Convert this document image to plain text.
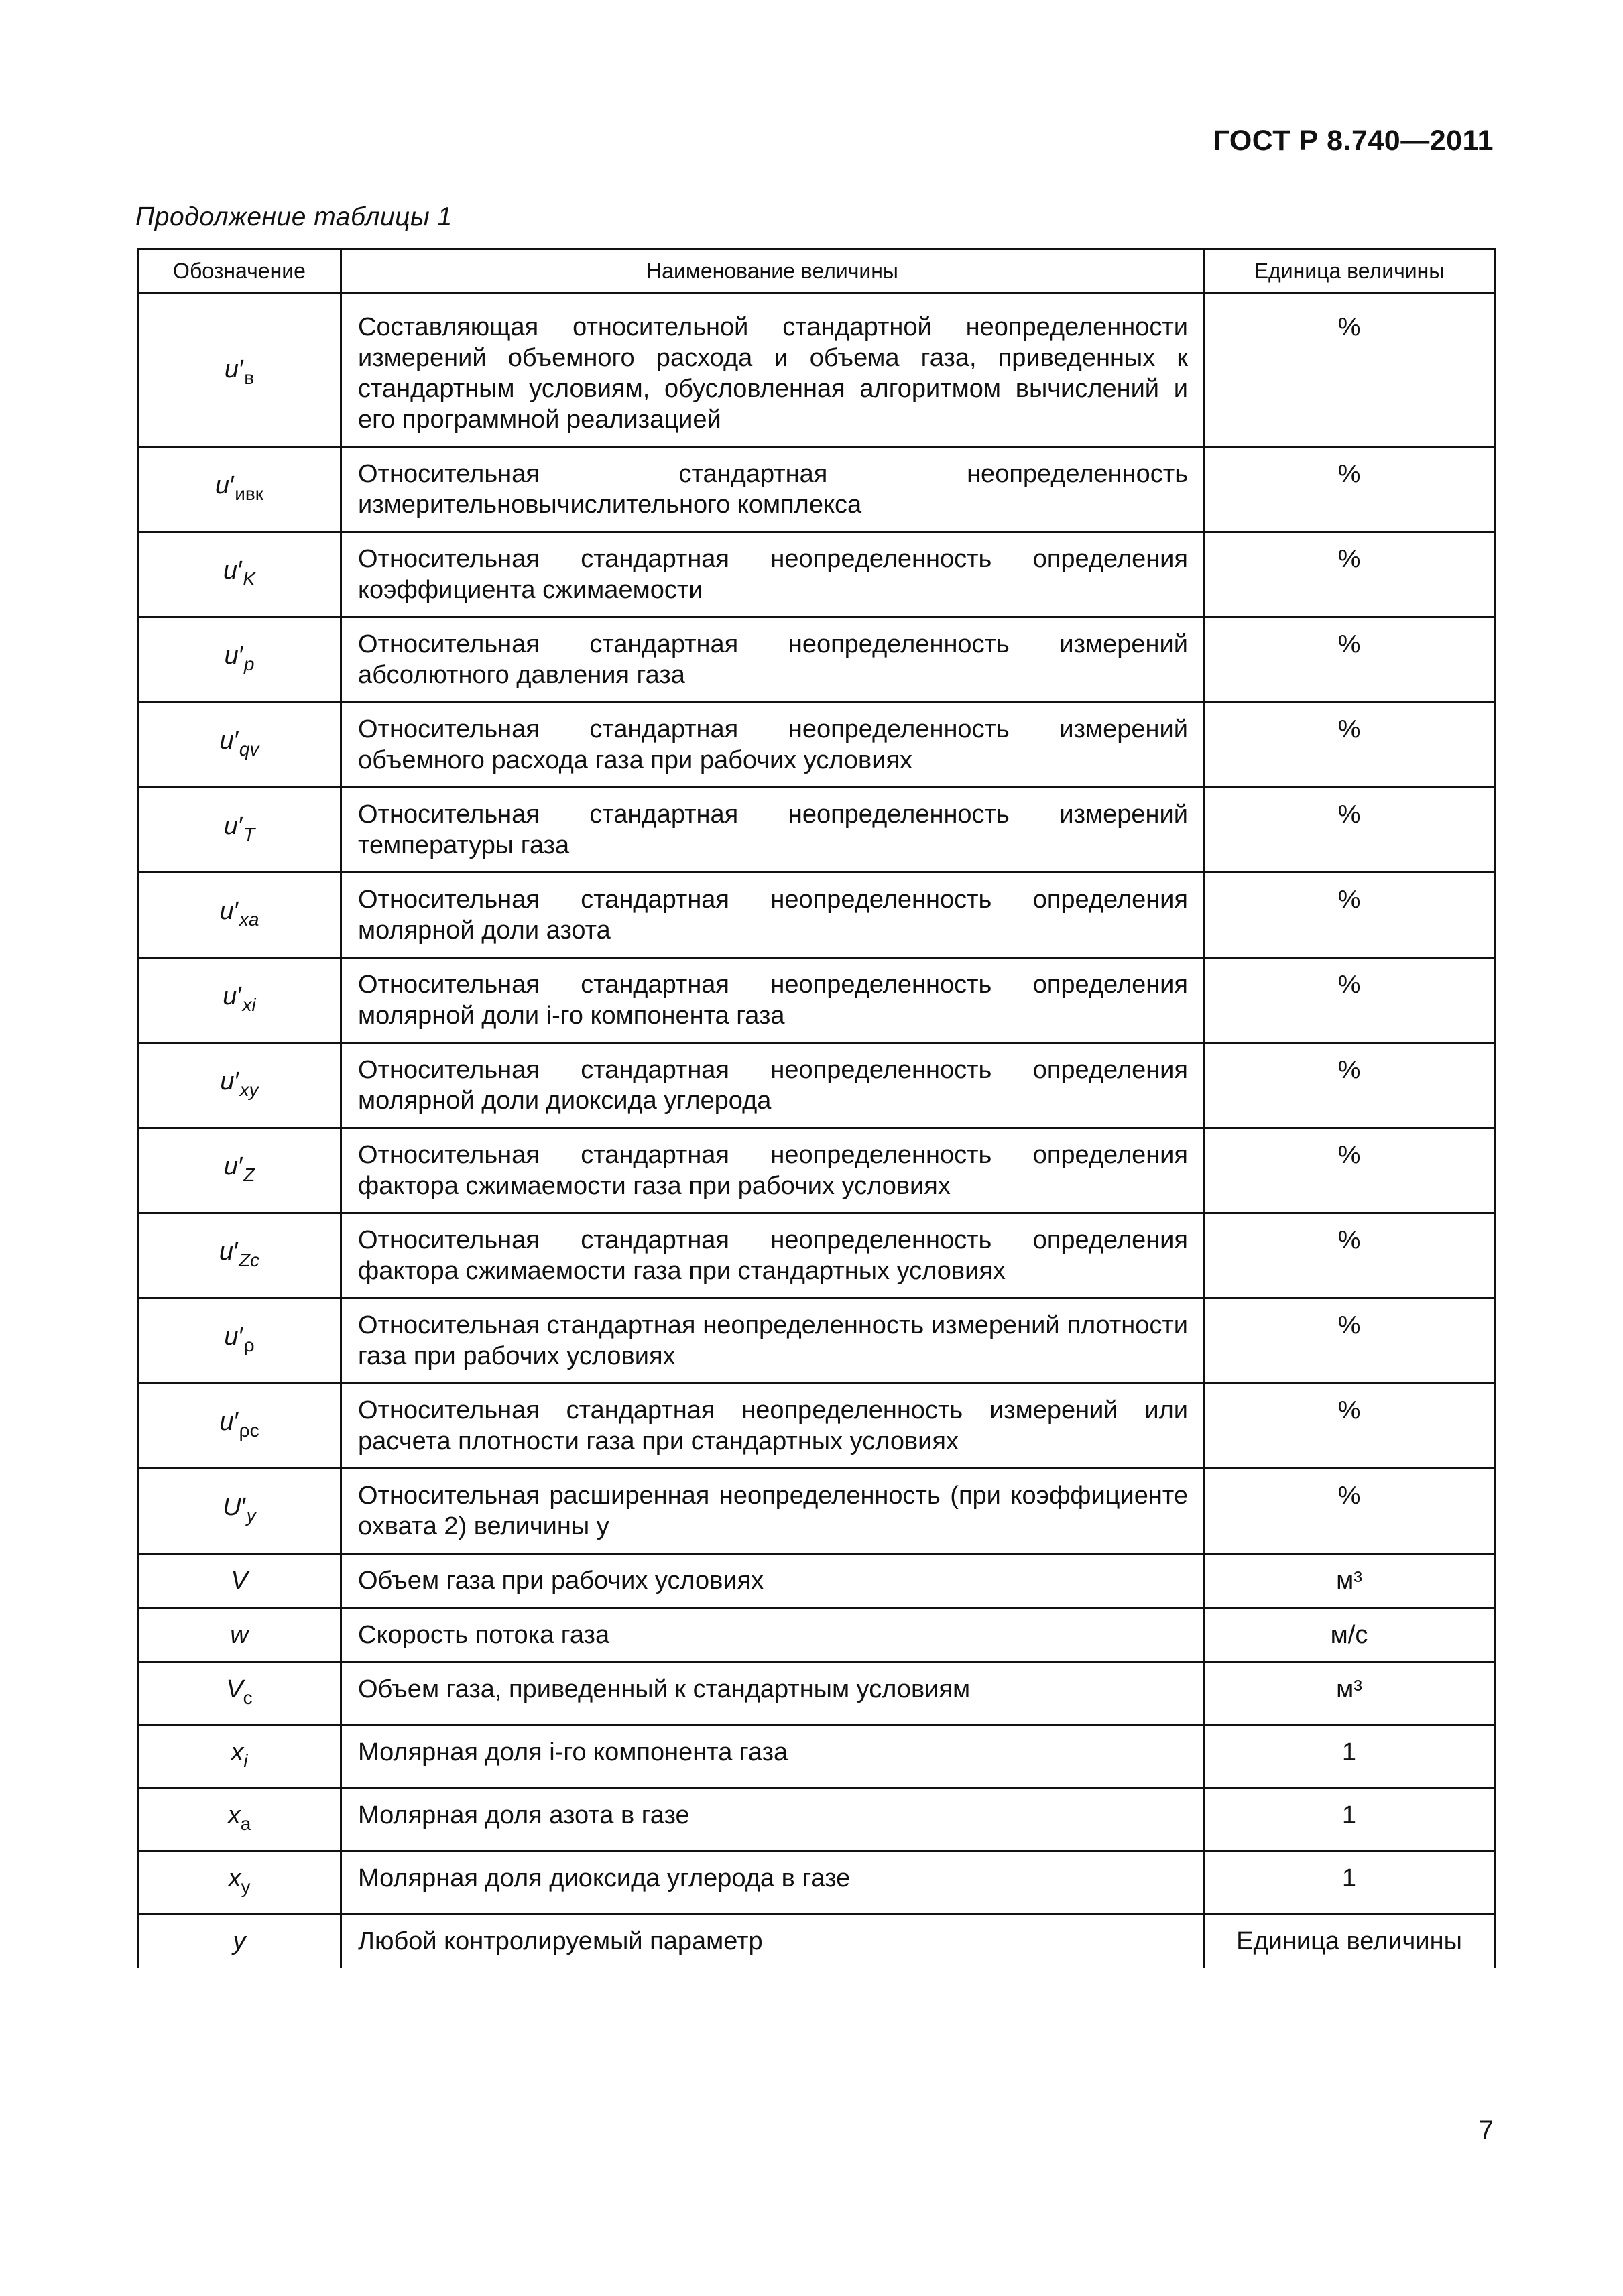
ГОСТ Р 8.740—2011
Продолжение таблицы 1
Обозначение	Наименование величины	Единица величины
$u'_в$	Составляющая относительной стандартной неопределенности измерений объемного расхода и объема газа, приведенных к стандартным условиям, обусловленная алгоритмом вычислений и его программной реализацией	%
$u'_{ивк}$	Относительная стандартная неопределенность измерительновычислительного комплекса	%
$u'_K$	Относительная стандартная неопределенность определения коэффициента сжимаемости	%
$u'_p$	Относительная стандартная неопределенность измерений абсолютного давления газа	%
$u'_{qv}$	Относительная стандартная неопределенность измерений объемного расхода газа при рабочих условиях	%
$u'_T$	Относительная стандартная неопределенность измерений температуры газа	%
$u'_{xa}$	Относительная стандартная неопределенность определения молярной доли азота	%
$u'_{xi}$	Относительная стандартная неопределенность определения молярной доли i-го компонента газа	%
$u'_{xy}$	Относительная стандартная неопределенность определения молярной доли диоксида углерода	%
$u'_Z$	Относительная стандартная неопределенность определения фактора сжимаемости газа при рабочих условиях	%
$u'_{Zc}$	Относительная стандартная неопределенность определения фактора сжимаемости газа при стандартных условиях	%
$u'_\rho$	Относительная стандартная неопределенность измерений плотности газа при рабочих условиях	%
$u'_{\rho c}$	Относительная стандартная неопределенность измерений или расчета плотности газа при стандартных условиях	%
$U'_y$	Относительная расширенная неопределенность (при коэффициенте охвата 2) величины y	%
V	Объем газа при рабочих условиях	м³
w	Скорость потока газа	м/с
$V_с$	Объем газа, приведенный к стандартным условиям	м³
$x_i$	Молярная доля i-го компонента газа	1
$x_а$	Молярная доля азота в газе	1
$x_у$	Молярная доля диоксида углерода в газе	1
y	Любой контролируемый параметр	Единица величины
7
